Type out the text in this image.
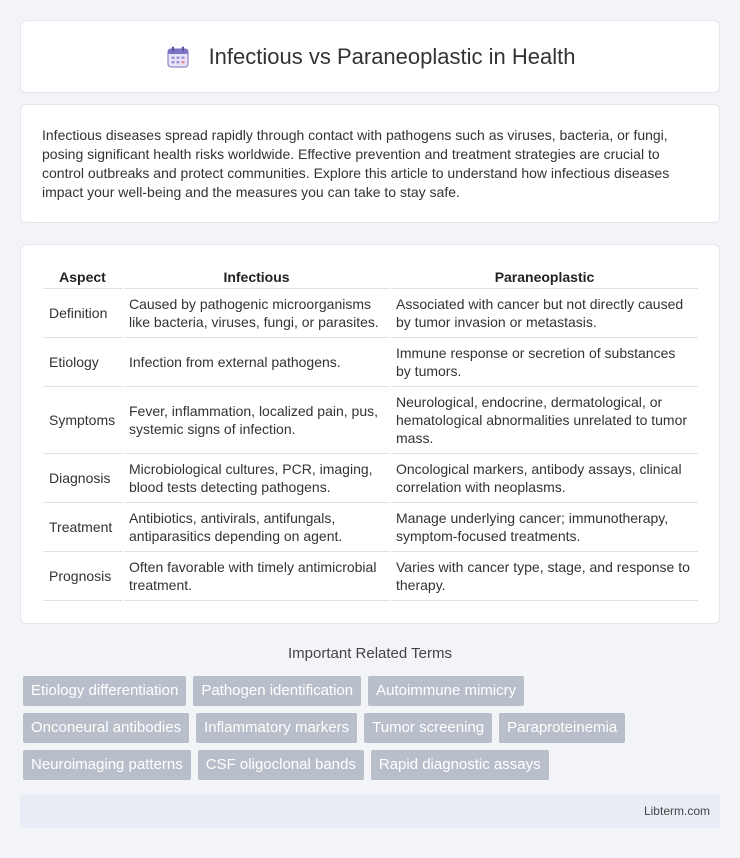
Infectious vs Paraneoplastic in Health

Infectious diseases spread rapidly through contact with pathogens such as viruses, bacteria, or fungi, posing significant health risks worldwide. Effective prevention and treatment strategies are crucial to control outbreaks and protect communities. Explore this article to understand how infectious diseases impact your well-being and the measures you can take to stay safe.

Aspect	Infectious	Paraneoplastic
Definition	Caused by pathogenic microorganisms like bacteria, viruses, fungi, or parasites.	Associated with cancer but not directly caused by tumor invasion or metastasis.
Etiology	Infection from external pathogens.	Immune response or secretion of substances by tumors.
Symptoms	Fever, inflammation, localized pain, pus, systemic signs of infection.	Neurological, endocrine, dermatological, or hematological abnormalities unrelated to tumor mass.
Diagnosis	Microbiological cultures, PCR, imaging, blood tests detecting pathogens.	Oncological markers, antibody assays, clinical correlation with neoplasms.
Treatment	Antibiotics, antivirals, antifungals, antiparasitics depending on agent.	Manage underlying cancer; immunotherapy, symptom-focused treatments.
Prognosis	Often favorable with timely antimicrobial treatment.	Varies with cancer type, stage, and response to therapy.
Important Related Terms
Etiology differentiation	Pathogen identification	Autoimmune mimicry
Onconeural antibodies	Inflammatory markers	Tumor screening	Paraproteinemia
Neuroimaging patterns	CSF oligoclonal bands	Rapid diagnostic assays
Libterm.com
